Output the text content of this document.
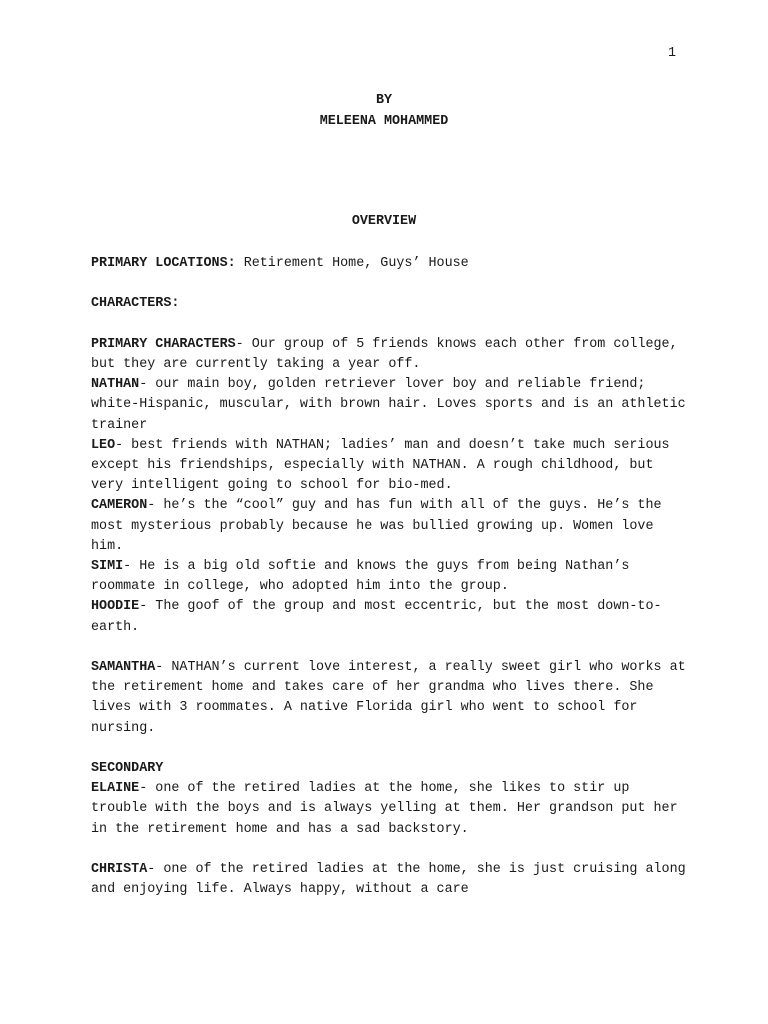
1
BY
MELEENA MOHAMMED
OVERVIEW

PRIMARY LOCATIONS: Retirement Home, Guys’ House

CHARACTERS:

PRIMARY CHARACTERS- Our group of 5 friends knows each other from college, but they are currently taking a year off.

NATHAN- our main boy, golden retriever lover boy and reliable friend; white-Hispanic, muscular, with brown hair. Loves sports and is an athletic trainer

LEO- best friends with NATHAN; ladies’ man and doesn’t take much serious except his friendships, especially with NATHAN. A rough childhood, but very intelligent going to school for bio-med.

CAMERON- he’s the “cool” guy and has fun with all of the guys. He’s the most mysterious probably because he was bullied growing up. Women love him.

SIMI- He is a big old softie and knows the guys from being Nathan’s roommate in college, who adopted him into the group.

HOODIE- The goof of the group and most eccentric, but the most down-to-earth.

SAMANTHA- NATHAN’s current love interest, a really sweet girl who works at the retirement home and takes care of her grandma who lives there. She lives with 3 roommates. A native Florida girl who went to school for nursing.

SECONDARY

ELAINE- one of the retired ladies at the home, she likes to stir up trouble with the boys and is always yelling at them. Her grandson put her in the retirement home and has a sad backstory.

CHRISTA- one of the retired ladies at the home, she is just cruising along and enjoying life. Always happy, without a care
